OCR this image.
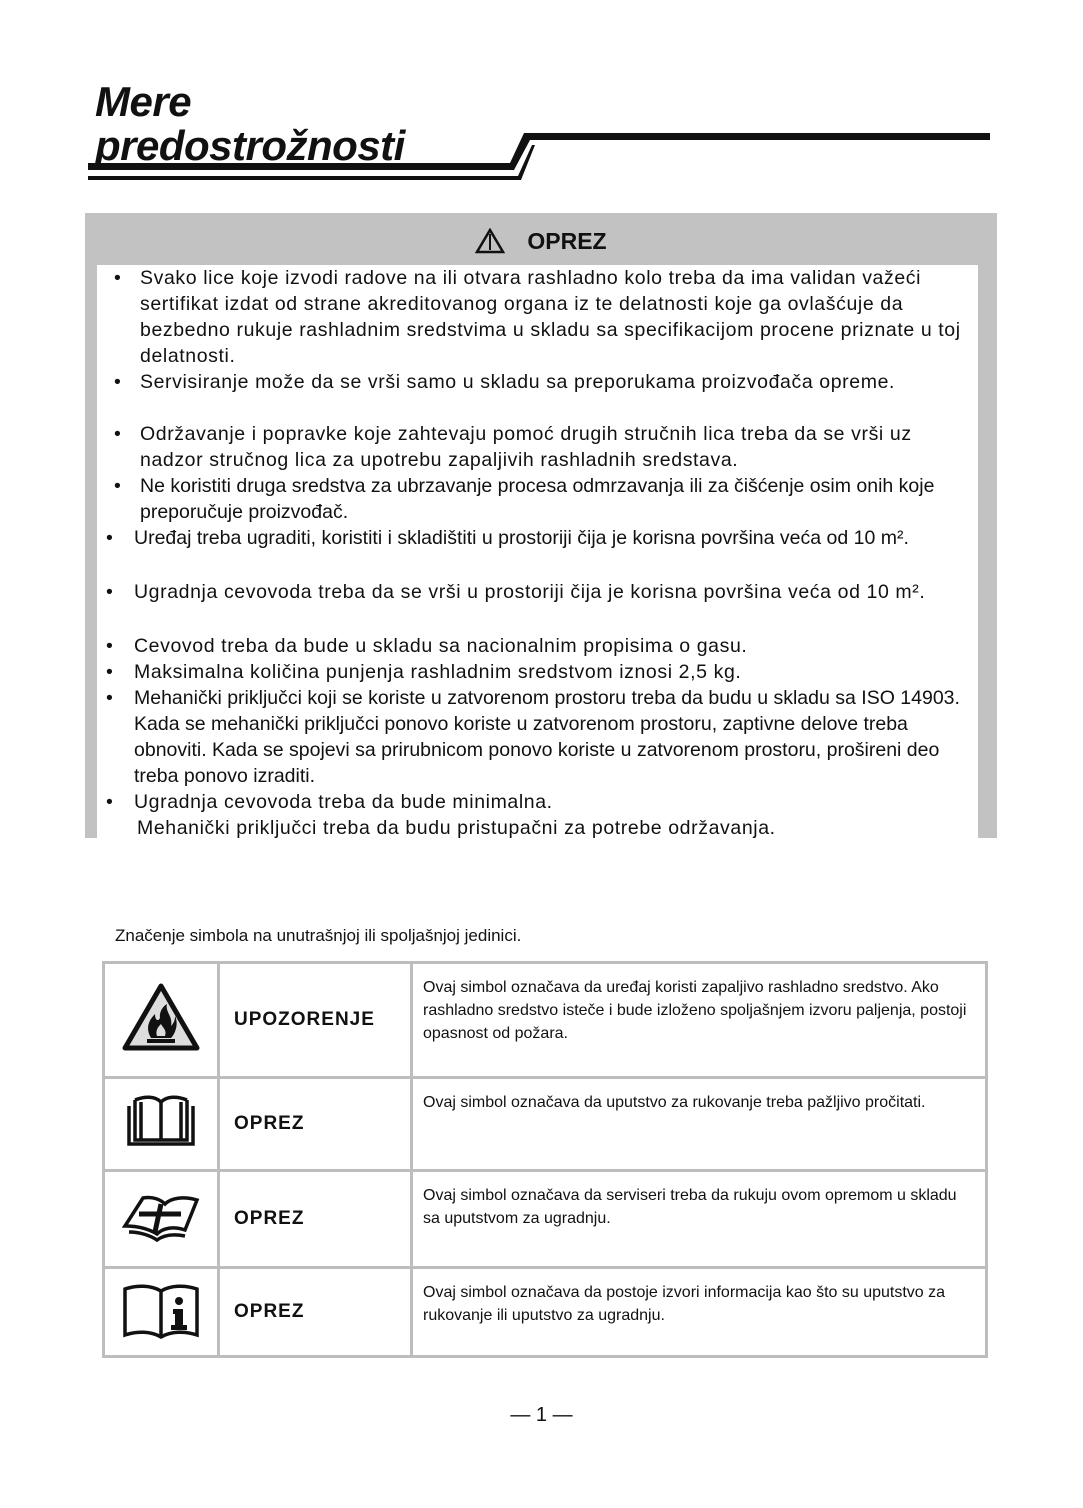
Mere
predostrožnosti
OPREZ
• Svako lice koje izvodi radove na ili otvara rashladno kolo treba da ima validan važeći sertifikat izdat od strane akreditovanog organa iz te delatnosti koje ga ovlašćuje da bezbedno rukuje rashladnim sredstvima u skladu sa specifikacijom procene priznate u toj delatnosti.
• Servisiranje može da se vrši samo u skladu sa preporukama proizvođača opreme.
• Održavanje i popravke koje zahtevaju pomoć drugih stručnih lica treba da se vrši uz nadzor stručnog lica za upotrebu zapaljivih rashladnih sredstava.
• Ne koristiti druga sredstva za ubrzavanje procesa odmrzavanja ili za čišćenje osim onih koje preporučuje proizvođač.
• Uređaj treba ugraditi, koristiti i skladištiti u prostoriji čija je korisna površina veća od 10 m².
• Ugradnja cevovoda treba da se vrši u prostoriji čija je korisna površina veća od 10 m².
• Cevovod treba da bude u skladu sa nacionalnim propisima o gasu.
• Maksimalna količina punjenja rashladnim sredstvom iznosi 2,5 kg.
• Mehanički priključci koji se koriste u zatvorenom prostoru treba da budu u skladu sa ISO 14903. Kada se mehanički priključci ponovo koriste u zatvorenom prostoru, zaptivne delove treba obnoviti. Kada se spojevi sa prirubnicom ponovo koriste u zatvorenom prostoru, prošireni deo treba ponovo izraditi.
• Ugradnja cevovoda treba da bude minimalna.
Mehanički priključci treba da budu pristupačni za potrebe održavanja.
Značenje simbola na unutrašnjoj ili spoljašnjoj jedinici.
	UPOZORENJE	Ovaj simbol označava da uređaj koristi zapaljivo rashladno sredstvo. Ako rashladno sredstvo isteče i bude izloženo spoljašnjem izvoru paljenja, postoji opasnost od požara.
	OPREZ	Ovaj simbol označava da uputstvo za rukovanje treba pažljivo pročitati.
	OPREZ	Ovaj simbol označava da serviseri treba da rukuju ovom opremom u skladu sa uputstvom za ugradnju.
	OPREZ	Ovaj simbol označava da postoje izvori informacija kao što su uputstvo za rukovanje ili uputstvo za ugradnju.
— 1 —
